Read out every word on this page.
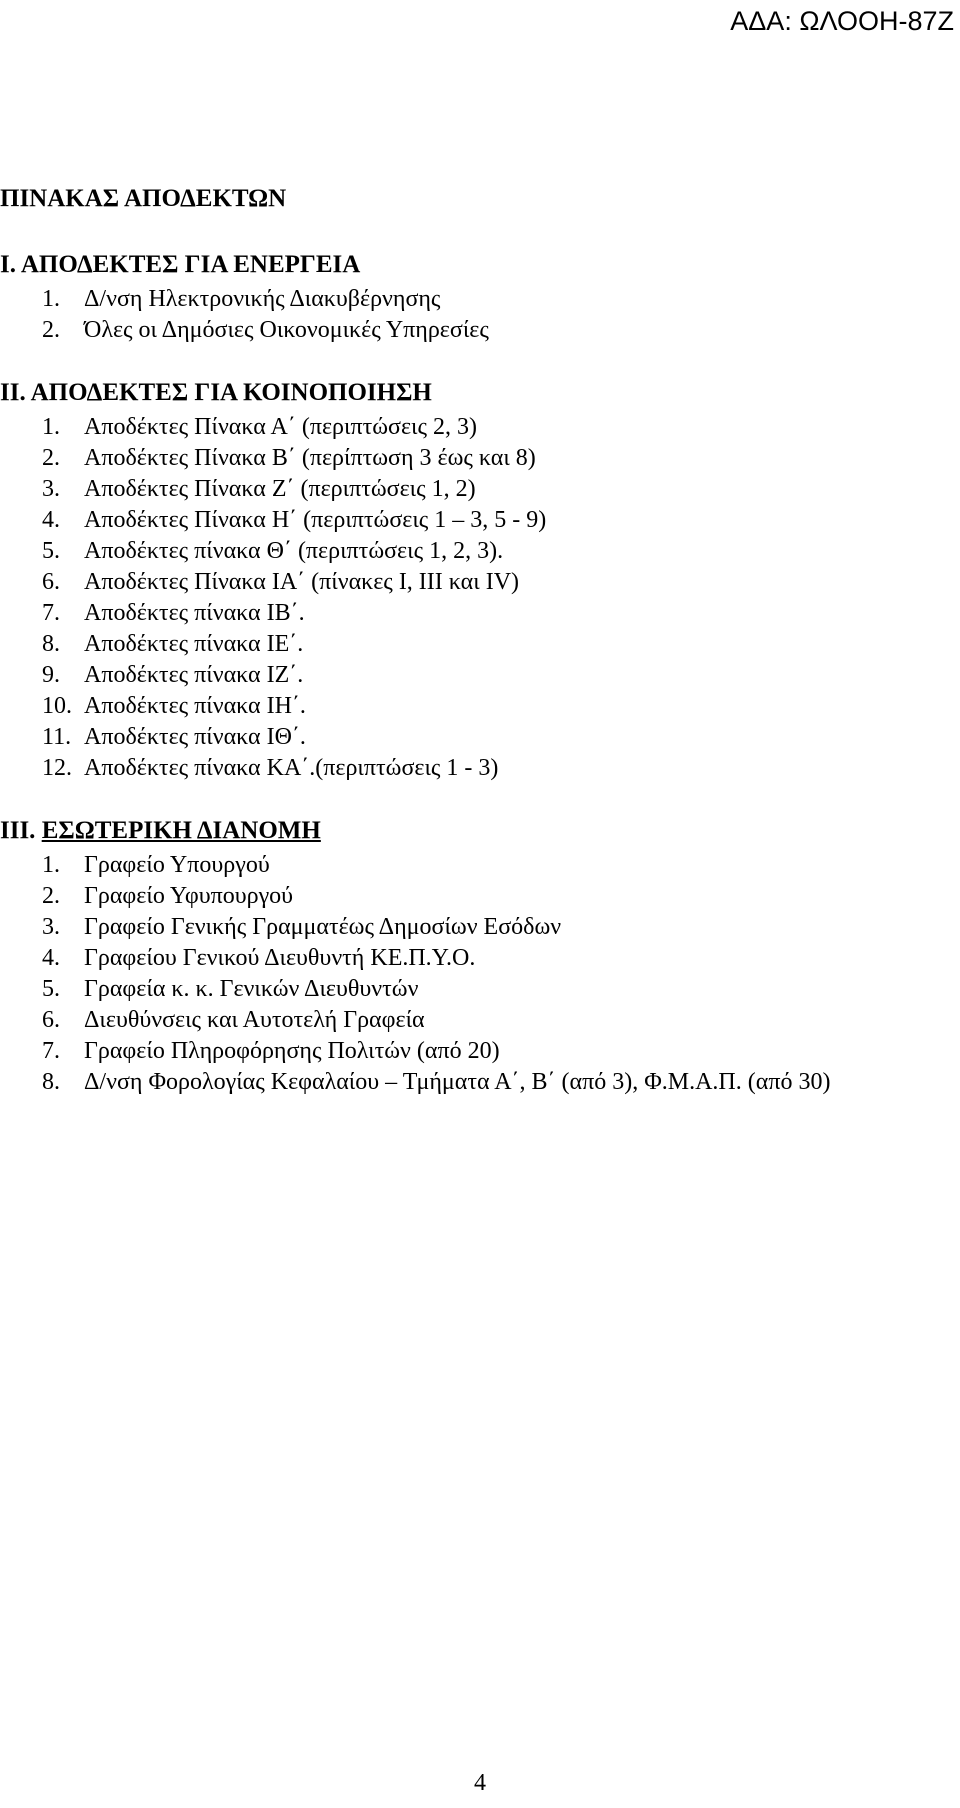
ΑΔΑ: ΩΛΟΟΗ-87Ζ

ΠΙΝΑΚΑΣ ΑΠΟΔΕΚΤΩΝ

Ι. ΑΠΟΔΕΚΤΕΣ ΓΙΑ ΕΝΕΡΓΕΙΑ

1.	Δ/νση Ηλεκτρονικής Διακυβέρνησης
2.	Όλες οι Δημόσιες Οικονομικές Υπηρεσίες

ΙΙ. ΑΠΟΔΕΚΤΕΣ ΓΙΑ ΚΟΙΝΟΠΟΙΗΣΗ

1.	Αποδέκτες Πίνακα Α΄ (περιπτώσεις 2, 3)
2.	Αποδέκτες Πίνακα Β΄ (περίπτωση 3 έως και 8)
3.	Αποδέκτες Πίνακα Ζ΄ (περιπτώσεις 1, 2)
4.	Αποδέκτες Πίνακα Η΄ (περιπτώσεις 1 – 3, 5 - 9)
5.	Αποδέκτες πίνακα Θ΄ (περιπτώσεις 1, 2, 3).
6.	Αποδέκτες Πίνακα ΙΑ΄ (πίνακες Ι, ΙΙΙ και IV)
7.	Αποδέκτες πίνακα ΙΒ΄.
8.	Αποδέκτες πίνακα ΙΕ΄.
9.	Αποδέκτες πίνακα ΙΖ΄.
10. Αποδέκτες πίνακα ΙΗ΄.
11. Αποδέκτες πίνακα ΙΘ΄.
12. Αποδέκτες πίνακα ΚΑ΄.(περιπτώσεις 1 - 3)

ΙΙΙ. ΕΣΩΤΕΡΙΚΗ ΔΙΑΝΟΜΗ

1.	Γραφείο Υπουργού
2.	Γραφείο Υφυπουργού
3.	Γραφείο Γενικής Γραμματέως Δημοσίων Εσόδων
4.	Γραφείου Γενικού Διευθυντή ΚΕ.Π.Υ.Ο.
5.	Γραφεία κ. κ. Γενικών Διευθυντών
6.	Διευθύνσεις και Αυτοτελή Γραφεία
7.	Γραφείο Πληροφόρησης Πολιτών (από 20)
8.	Δ/νση Φορολογίας Κεφαλαίου – Τμήματα Α΄, Β΄ (από 3), Φ.Μ.Α.Π. (από 30)
4
